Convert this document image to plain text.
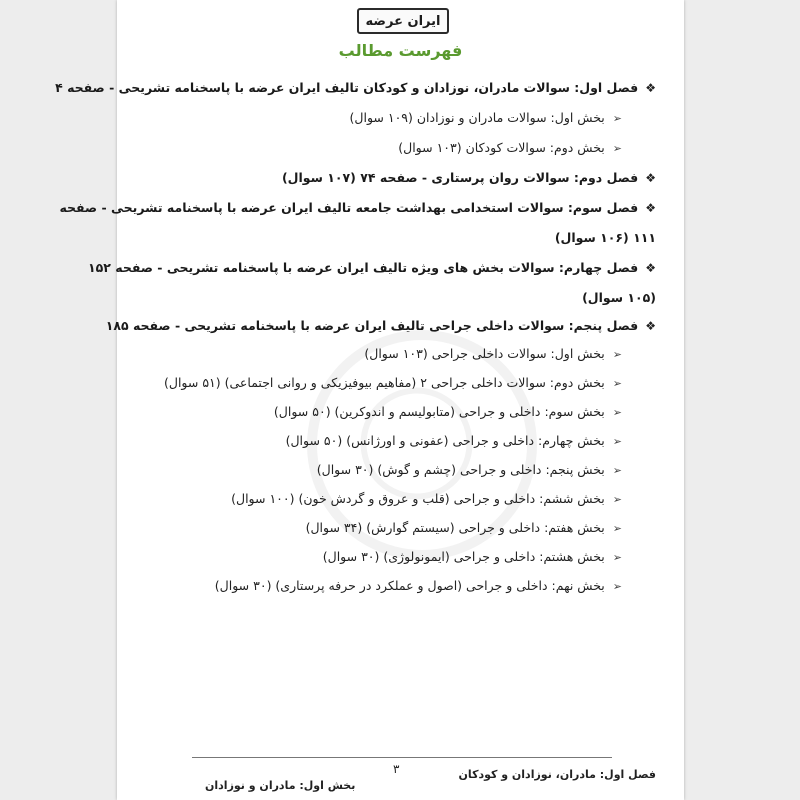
ایران عرضه
فهرست مطالب
❖فصل اول: سوالات مادران، نوزادان و کودکان تالیف ایران عرضه با پاسخنامه تشریحی - صفحه ۴
➢بخش اول: سوالات مادران و نوزادان (۱۰۹ سوال)
➢بخش دوم: سوالات کودکان (۱۰۳ سوال)
❖فصل دوم: سوالات روان پرستاری - صفحه ۷۴ (۱۰۷ سوال)
❖فصل سوم: سوالات استخدامی بهداشت جامعه تالیف ایران عرضه با پاسخنامه تشریحی - صفحه
۱۱۱ (۱۰۶ سوال)
❖فصل چهارم: سوالات بخش های ویژه تالیف ایران عرضه با پاسخنامه تشریحی - صفحه ۱۵۲
(۱۰۵ سوال)
❖فصل پنجم: سوالات داخلی جراحی تالیف ایران عرضه با پاسخنامه تشریحی - صفحه ۱۸۵
➢بخش اول: سوالات داخلی جراحی (۱۰۳ سوال)
➢بخش دوم: سوالات داخلی جراحی ۲ (مفاهیم بیوفیزیکی و روانی اجتماعی) (۵۱ سوال)
➢بخش سوم: داخلی و جراحی (متابولیسم و اندوکرین) (۵۰ سوال)
➢بخش چهارم: داخلی و جراحی (عفونی و اورژانس) (۵۰ سوال)
➢بخش پنجم: داخلی و جراحی (چشم و گوش) (۳۰ سوال)
➢بخش ششم: داخلی و جراحی (قلب و عروق و گردش خون) (۱۰۰ سوال)
➢بخش هفتم: داخلی و جراحی (سیستم گوارش) (۳۴ سوال)
➢بخش هشتم: داخلی و جراحی (ایمونولوژی) (۳۰ سوال)
➢بخش نهم: داخلی و جراحی (اصول و عملکرد در حرفه پرستاری) (۳۰ سوال)
۳	فصل اول: مادران، نوزادان و کودکان
بخش اول: مادران و نوزادان
